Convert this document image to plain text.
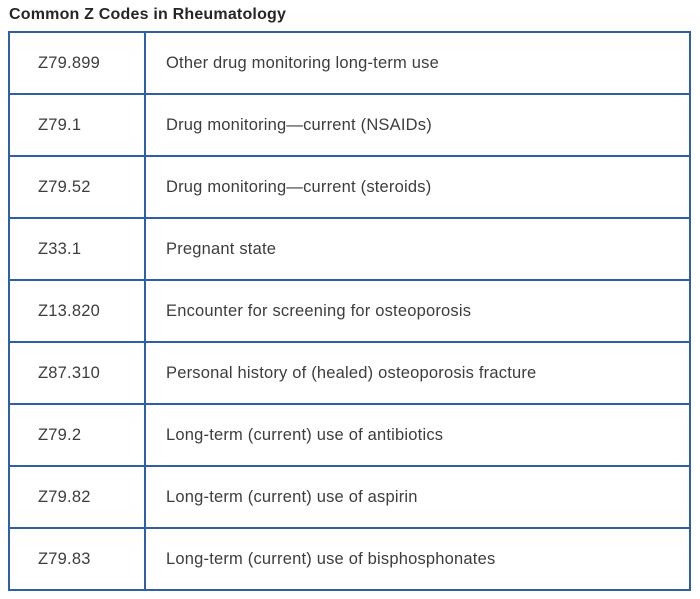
Common Z Codes in Rheumatology
Z79.899	Other drug monitoring long-term use
Z79.1	Drug monitoring—current (NSAIDs)
Z79.52	Drug monitoring—current (steroids)
Z33.1	Pregnant state
Z13.820	Encounter for screening for osteoporosis
Z87.310	Personal history of (healed) osteoporosis fracture
Z79.2	Long-term (current) use of antibiotics
Z79.82	Long-term (current) use of aspirin
Z79.83	Long-term (current) use of bisphosphonates
